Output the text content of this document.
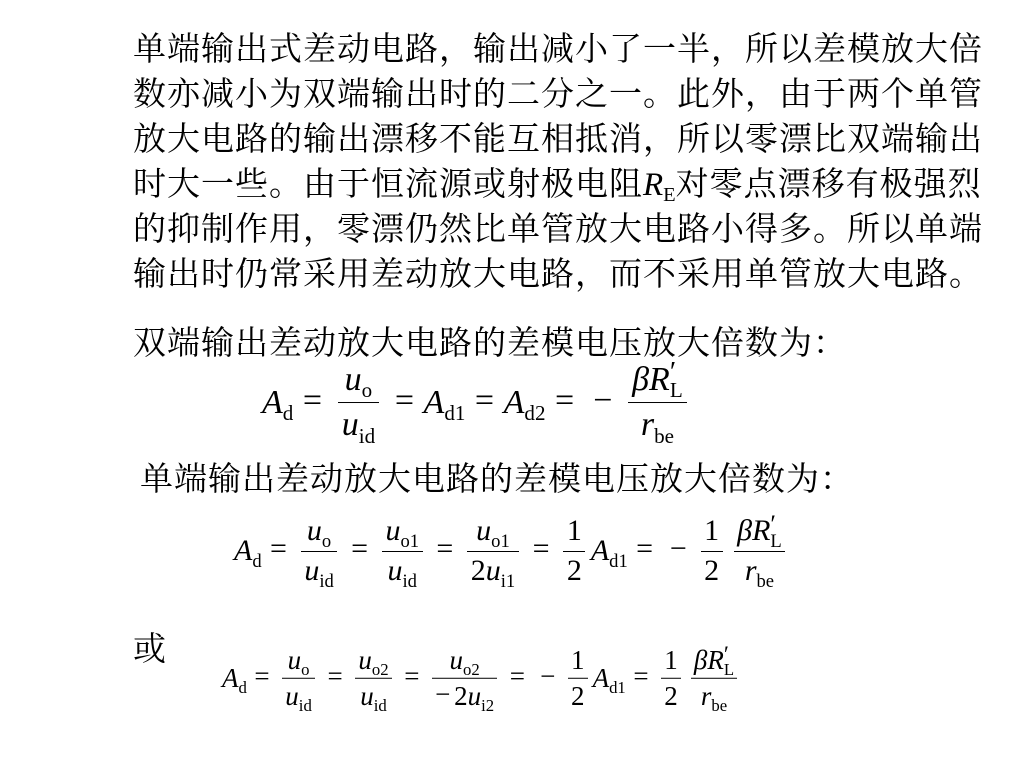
单端输出式差动电路，输出减小了一半，所以差模放大倍
数亦减小为双端输出时的二分之一。此外，由于两个单管
放大电路的输出漂移不能互相抵消，所以零漂比双端输出
时大一些。由于恒流源或射极电阻RE对零点漂移有极强烈
的抑制作用，零漂仍然比单管放大电路小得多。所以单端
输出时仍常采用差动放大电路，而不采用单管放大电路。
双端输出差动放大电路的差模电压放大倍数为：
$A_d = \frac{u_o}{u_{id}} = A_{d1} = A_{d2}$ = − $\frac{\beta R'_L}{r_{be}}$
单端输出差动放大电路的差模电压放大倍数为：
$A_d = \frac{u_o}{u_{id}} = \frac{u_{o1}}{u_{id}} = \frac{u_{o1}}{2u_{i1}} = \frac{1}{2} A_{d1}$ = − $\frac{1}{2} \frac{\beta R'_L}{r_{be}}$
或
$A_d = \frac{u_o}{u_{id}} = \frac{u_{o2}}{u_{id}} = \frac{u_{o2}}{- 2u_{i2}}$ = − $\frac{1}{2} A_{d1} = \frac{1}{2} \frac{\beta R'_L}{r_{be}}$
